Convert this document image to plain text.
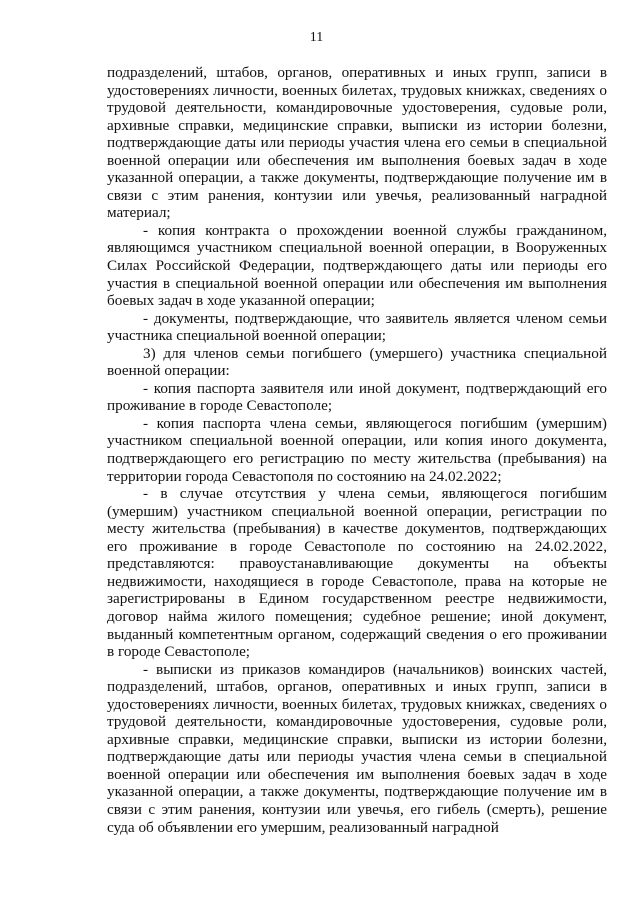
11

подразделений, штабов, органов, оперативных и иных групп, записи в удостоверениях личности, военных билетах, трудовых книжках, сведениях о трудовой деятельности, командировочные удостоверения, судовые роли, архивные справки, медицинские справки, выписки из истории болезни, подтверждающие даты или периоды участия члена его семьи в специальной военной операции или обеспечения им выполнения боевых задач в ходе указанной операции, а также документы, подтверждающие получение им в связи с этим ранения, контузии или увечья, реализованный наградной материал;

- копия контракта о прохождении военной службы гражданином, являющимся участником специальной военной операции, в Вооруженных Силах Российской Федерации, подтверждающего даты или периоды его участия в специальной военной операции или обеспечения им выполнения боевых задач в ходе указанной операции;

- документы, подтверждающие, что заявитель является членом семьи участника специальной военной операции;

3) для членов семьи погибшего (умершего) участника специальной военной операции:

- копия паспорта заявителя или иной документ, подтверждающий его проживание в городе Севастополе;

- копия паспорта члена семьи, являющегося погибшим (умершим) участником специальной военной операции, или копия иного документа, подтверждающего его регистрацию по месту жительства (пребывания) на территории города Севастополя по состоянию на 24.02.2022;

- в случае отсутствия у члена семьи, являющегося погибшим (умершим) участником специальной военной операции, регистрации по месту жительства (пребывания) в качестве документов, подтверждающих его проживание в городе Севастополе по состоянию на 24.02.2022, представляются: правоустанавливающие документы на объекты недвижимости, находящиеся в городе Севастополе, права на которые не зарегистрированы в Едином государственном реестре недвижимости, договор найма жилого помещения; судебное решение; иной документ, выданный компетентным органом, содержащий сведения о его проживании в городе Севастополе;

- выписки из приказов командиров (начальников) воинских частей, подразделений, штабов, органов, оперативных и иных групп, записи в удостоверениях личности, военных билетах, трудовых книжках, сведениях о трудовой деятельности, командировочные удостоверения, судовые роли, архивные справки, медицинские справки, выписки из истории болезни, подтверждающие даты или периоды участия члена семьи в специальной военной операции или обеспечения им выполнения боевых задач в ходе указанной операции, а также документы, подтверждающие получение им в связи с этим ранения, контузии или увечья, его гибель (смерть), решение суда об объявлении его умершим, реализованный наградной
